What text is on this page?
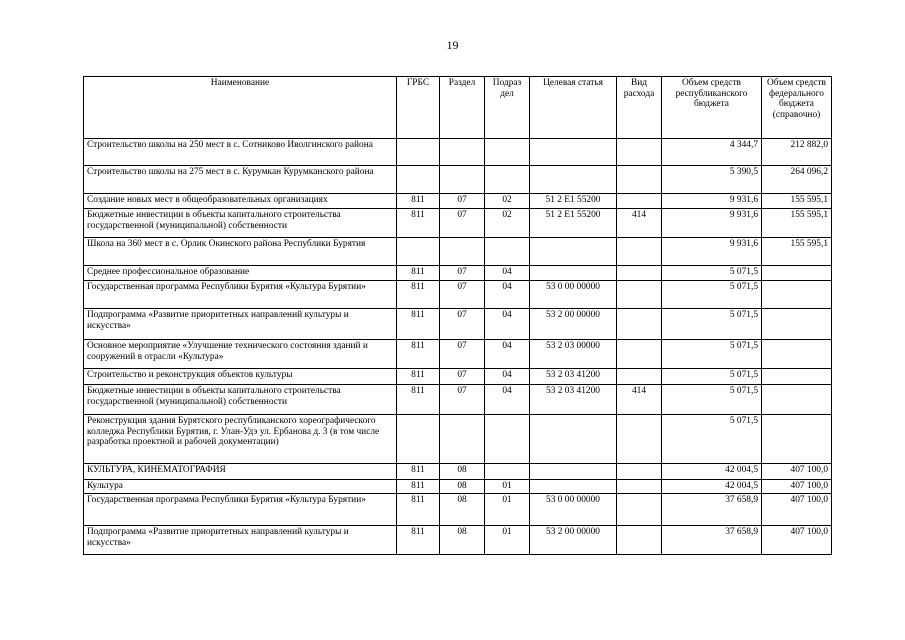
19
Наименование	ГРБС	Раздел	Подраз дел	Целевая статья	Вид расхода	Объем средств республиканского бюджета	Объем средств федерального бюджета (справочно)
Строительство школы на 250 мест в с. Сотниково Иволгинского района						4 344,7	212 882,0
Строительство школы на 275 мест в с. Курумкан Курумканского района						5 390,5	264 096,2
Создание новых мест в общеобразовательных организациях	811	07	02	51 2 E1 55200		9 931,6	155 595,1
Бюджетные инвестиции в объекты капитального строительства государственной (муниципальной) собственности	811	07	02	51 2 E1 55200	414	9 931,6	155 595,1
Школа на 360 мест в с. Орлик Окинского района Республики Бурятия						9 931,6	155 595,1
Среднее профессиональное образование	811	07	04			5 071,5	
Государственная программа Республики Бурятия «Культура Бурятии»	811	07	04	53 0 00 00000		5 071,5	
Подпрограмма «Развитие приоритетных направлений культуры и искусства»	811	07	04	53 2 00 00000		5 071,5	
Основное мероприятие «Улучшение технического состояния зданий и сооружений в отрасли «Культура»	811	07	04	53 2 03 00000		5 071,5	
Строительство и реконструкция объектов культуры	811	07	04	53 2 03 41200		5 071,5	
Бюджетные инвестиции в объекты капитального строительства государственной (муниципальной) собственности	811	07	04	53 2 03 41200	414	5 071,5	
Реконструкция здания Бурятского республиканского хореографического колледжа Республики Бурятия, г. Улан-Удэ ул. Ербанова д. 3 (в том числе разработка проектной и рабочей документации)						5 071,5	
КУЛЬТУРА, КИНЕМАТОГРАФИЯ	811	08				42 004,5	407 100,0
Культура	811	08	01			42 004,5	407 100,0
Государственная программа Республики Бурятия «Культура Бурятии»	811	08	01	53 0 00 00000		37 658,9	407 100,0
Подпрограмма «Развитие приоритетных направлений культуры и искусства»	811	08	01	53 2 00 00000		37 658,9	407 100,0
